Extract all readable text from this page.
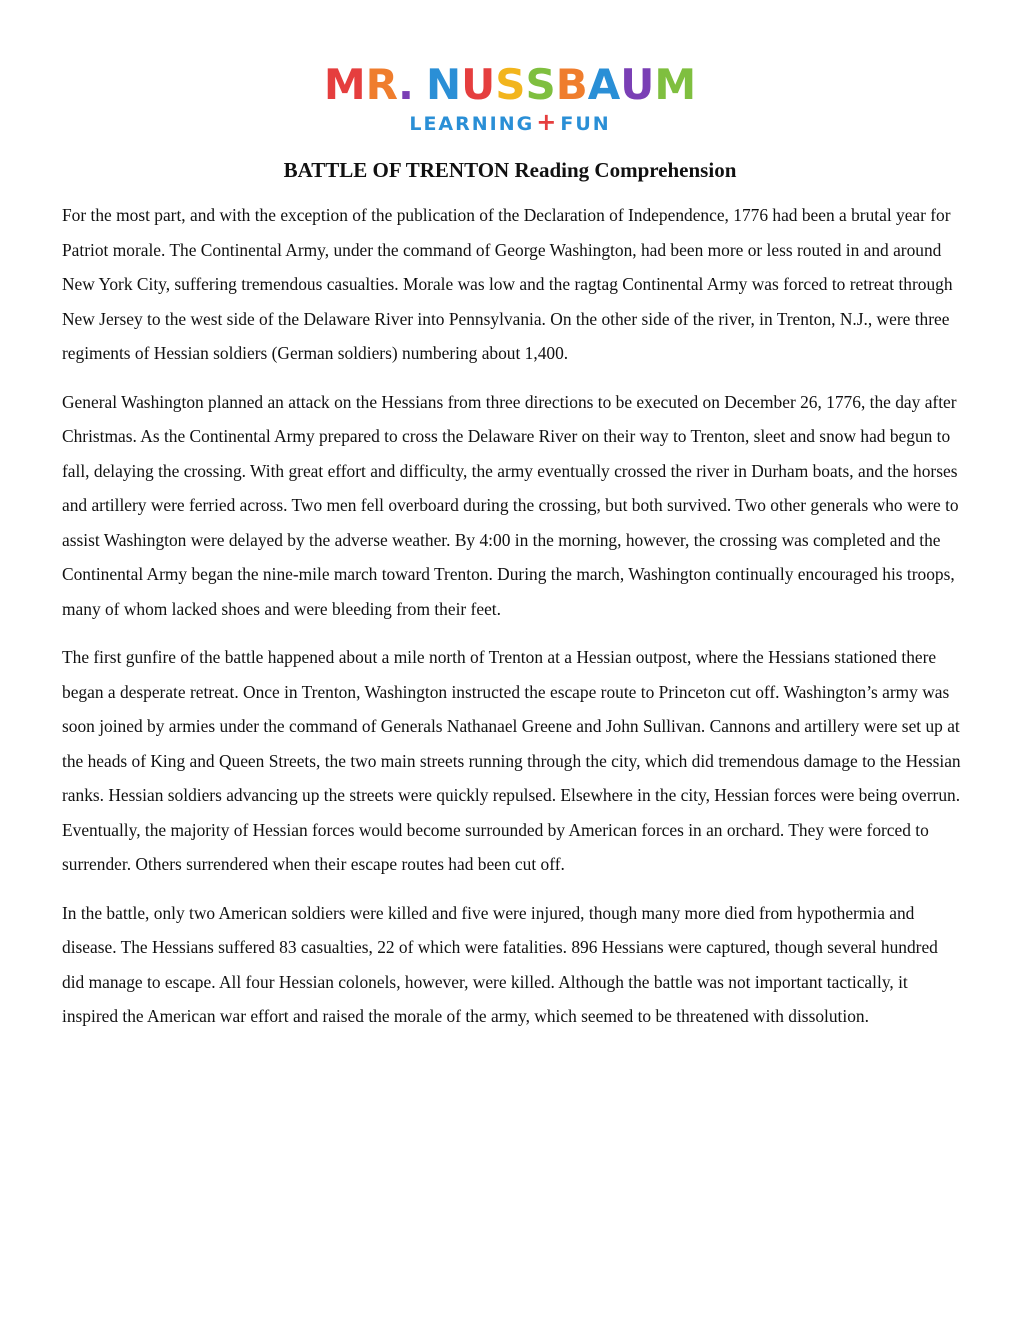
MR. NUSSBAUM
LEARNING+ FUN
BATTLE OF TRENTON Reading Comprehension

For the most part, and with the exception of the publication of the Declaration of Independence, 1776 had been a brutal year for Patriot morale. The Continental Army, under the command of George Washington, had been more or less routed in and around New York City, suffering tremendous casualties. Morale was low and the ragtag Continental Army was forced to retreat through New Jersey to the west side of the Delaware River into Pennsylvania. On the other side of the river, in Trenton, N.J., were three regiments of Hessian soldiers (German soldiers) numbering about 1,400.

General Washington planned an attack on the Hessians from three directions to be executed on December 26, 1776, the day after Christmas. As the Continental Army prepared to cross the Delaware River on their way to Trenton, sleet and snow had begun to fall, delaying the crossing. With great effort and difficulty, the army eventually crossed the river in Durham boats, and the horses and artillery were ferried across. Two men fell overboard during the crossing, but both survived. Two other generals who were to assist Washington were delayed by the adverse weather. By 4:00 in the morning, however, the crossing was completed and the Continental Army began the nine-mile march toward Trenton. During the march, Washington continually encouraged his troops, many of whom lacked shoes and were bleeding from their feet.

The first gunfire of the battle happened about a mile north of Trenton at a Hessian outpost, where the Hessians stationed there began a desperate retreat. Once in Trenton, Washington instructed the escape route to Princeton cut off. Washington’s army was soon joined by armies under the command of Generals Nathanael Greene and John Sullivan. Cannons and artillery were set up at the heads of King and Queen Streets, the two main streets running through the city, which did tremendous damage to the Hessian ranks. Hessian soldiers advancing up the streets were quickly repulsed. Elsewhere in the city, Hessian forces were being overrun. Eventually, the majority of Hessian forces would become surrounded by American forces in an orchard. They were forced to surrender. Others surrendered when their escape routes had been cut off.

In the battle, only two American soldiers were killed and five were injured, though many more died from hypothermia and disease. The Hessians suffered 83 casualties, 22 of which were fatalities. 896 Hessians were captured, though several hundred did manage to escape. All four Hessian colonels, however, were killed. Although the battle was not important tactically, it inspired the American war effort and raised the morale of the army, which seemed to be threatened with dissolution.
